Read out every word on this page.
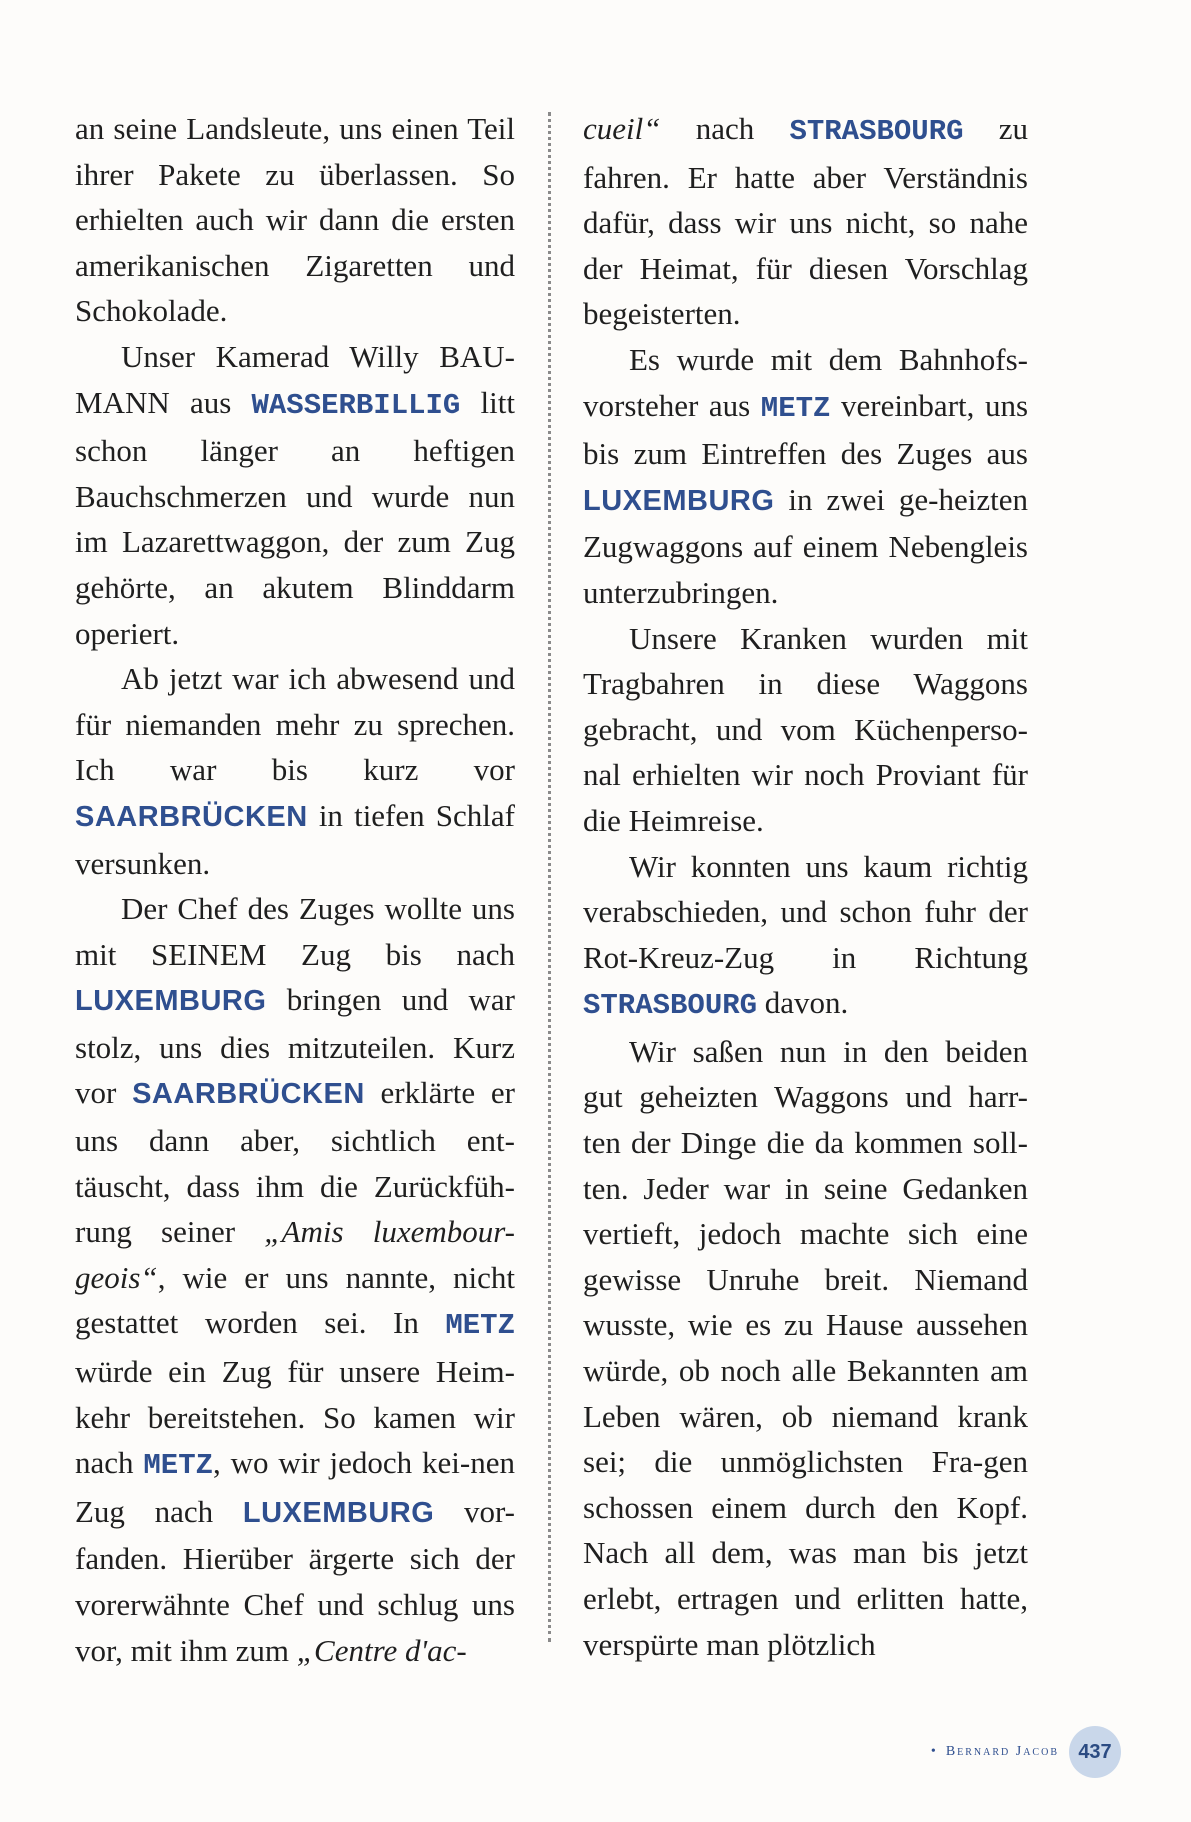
an seine Landsleute, uns einen Teil ihrer Pakete zu überlassen. So erhielten auch wir dann die ersten amerikanischen Zigaretten und Schokolade.

Unser Kamerad Willy BAU-MANN aus WASSERBILLIG litt schon länger an heftigen Bauchschmerzen und wurde nun im Lazarettwaggon, der zum Zug gehörte, an akutem Blinddarm operiert.

Ab jetzt war ich abwesend und für niemanden mehr zu sprechen. Ich war bis kurz vor SAARBRÜCKEN in tiefen Schlaf versunken.

Der Chef des Zuges wollte uns mit SEINEM Zug bis nach LUXEMBURG bringen und war stolz, uns dies mitzuteilen. Kurz vor SAARBRÜCKEN erklärte er uns dann aber, sichtlich ent-täuscht, dass ihm die Zurückfüh-rung seiner „Amis luxembour-geois“, wie er uns nannte, nicht gestattet worden sei. In METZ würde ein Zug für unsere Heim-kehr bereitstehen. So kamen wir nach METZ, wo wir jedoch kei-nen Zug nach LUXEMBURG vor-fanden. Hierüber ärgerte sich der vorerwähnte Chef und schlug uns vor, mit ihm zum „Centre d'ac-

cueil“ nach STRASBOURG zu fahren. Er hatte aber Verständnis dafür, dass wir uns nicht, so nahe der Heimat, für diesen Vorschlag begeisterten.

Es wurde mit dem Bahnhofs-vorsteher aus METZ vereinbart, uns bis zum Eintreffen des Zuges aus LUXEMBURG in zwei ge-heizten Zugwaggons auf einem Nebengleis unterzubringen.

Unsere Kranken wurden mit Tragbahren in diese Waggons gebracht, und vom Küchenperso-nal erhielten wir noch Proviant für die Heimreise.

Wir konnten uns kaum richtig verabschieden, und schon fuhr der Rot-Kreuz-Zug in Richtung STRASBOURG davon.

Wir saßen nun in den beiden gut geheizten Waggons und harr-ten der Dinge die da kommen soll-ten. Jeder war in seine Gedanken vertieft, jedoch machte sich eine gewisse Unruhe breit. Niemand wusste, wie es zu Hause aussehen würde, ob noch alle Bekannten am Leben wären, ob niemand krank sei; die unmöglichsten Fra-gen schossen einem durch den Kopf. Nach all dem, was man bis jetzt erlebt, ertragen und erlitten hatte, verspürte man plötzlich

• Bernard Jacob 437
